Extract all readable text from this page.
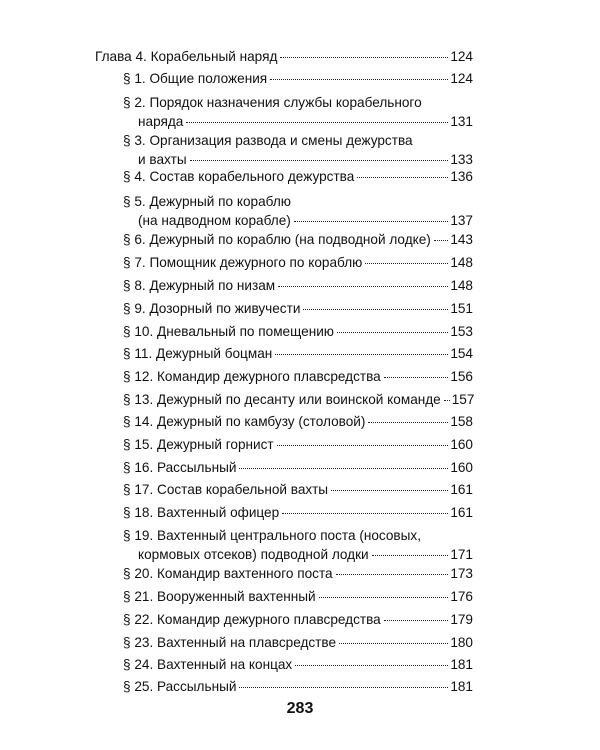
Глава 4. Корабельный наряд	124
§ 1. Общие положения	124
§ 2. Порядок назначения службы корабельного
наряда	131
§ 3. Организация развода и смены дежурства
и вахты	133
§ 4. Состав корабельного дежурства	136
§ 5. Дежурный по кораблю
(на надводном корабле)	137
§ 6. Дежурный по кораблю (на подводной лодке) 143
§ 7. Помощник дежурного по кораблю	148
§ 8. Дежурный по низам	148
§ 9. Дозорный по живучести	151
§ 10. Дневальный по помещению	153
§ 11. Дежурный боцман	154
§ 12. Командир дежурного плавсредства	156
§ 13. Дежурный по десанту или воинской команде 157
§ 14. Дежурный по камбузу (столовой)	158
§ 15. Дежурный горнист	160
§ 16. Рассыльный	160
§ 17. Состав корабельной вахты	161
§ 18. Вахтенный офицер	161
§ 19. Вахтенный центрального поста (носовых,
кормовых отсеков) подводной лодки	171
§ 20. Командир вахтенного поста	173
§ 21. Вооруженный вахтенный	176
§ 22. Командир дежурного плавсредства	179
§ 23. Вахтенный на плавсредстве	180
§ 24. Вахтенный на концах	181
§ 25. Рассыльный	181
283
